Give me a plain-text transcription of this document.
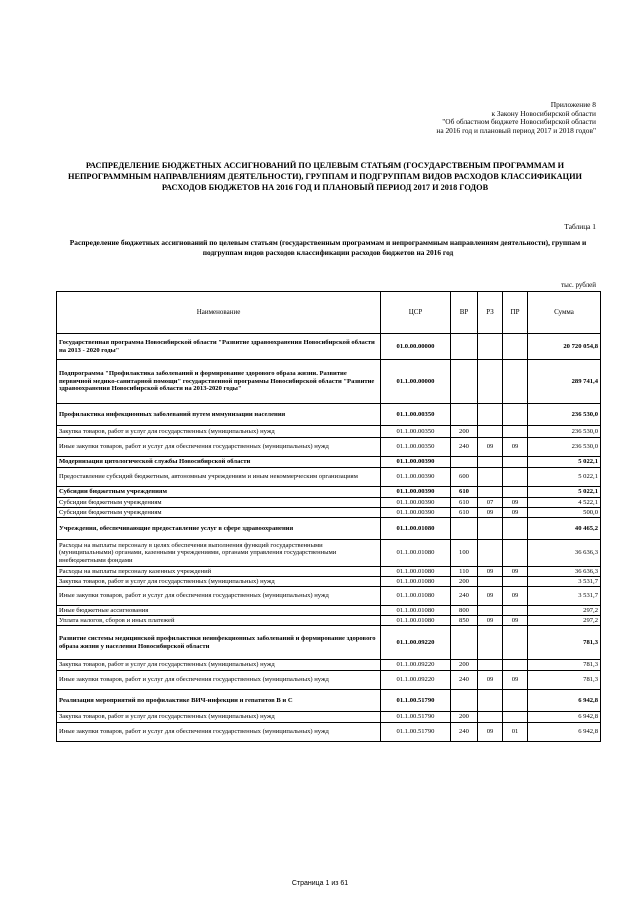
Приложение 8
к Закону Новосибирской области
"Об областном бюджете Новосибирской области
на 2016 год и плановый период 2017 и 2018 годов"
РАСПРЕДЕЛЕНИЕ БЮДЖЕТНЫХ АССИГНОВАНИЙ ПО ЦЕЛЕВЫМ СТАТЬЯМ (ГОСУДАРСТВЕНЫМ ПРОГРАММАМ И НЕПРОГРАММНЫМ НАПРАВЛЕНИЯМ ДЕЯТЕЛЬНОСТИ), ГРУППАМ И ПОДГРУППАМ ВИДОВ РАСХОДОВ КЛАССИФИКАЦИИ РАСХОДОВ БЮДЖЕТОВ НА 2016 ГОД И ПЛАНОВЫЙ ПЕРИОД 2017 И 2018 ГОДОВ
Таблица 1
Распределение бюджетных ассигнований по целевым статьям (государственным программам и непрограммным направлениям деятельности), группам и подгруппам видов расходов классификации расходов бюджетов на 2016 год
тыс. рублей
Наименование	ЦСР	ВР	РЗ	ПР	Сумма
Государственная программа Новосибирской области "Развитие здравоохранения Новосибирской области на 2013 - 2020 годы"	01.0.00.00000				20 720 054,8
Подпрограмма "Профилактика заболеваний и формирование здорового образа жизни. Развитие первичной медико-санитарной помощи" государственной программы Новосибирской области "Развитие здравоохранения Новосибирской области на 2013-2020 годы"	01.1.00.00000				289 741,4
Профилактика инфекционных заболеваний путем иммунизации населения	01.1.00.00350				236 530,0
Закупка товаров, работ и услуг для государственных (муниципальных) нужд	01.1.00.00350	200			236 530,0
Иные закупки товаров, работ и услуг для обеспечения государственных (муниципальных) нужд	01.1.00.00350	240	09	09	236 530,0
Модернизация цитологической службы Новосибирской области	01.1.00.00390				5 022,1
Предоставление субсидий бюджетным, автономным учреждениям и иным некоммерческим организациям	01.1.00.00390	600			5 022,1
Субсидии бюджетным учреждениям	01.1.00.00390	610			5 022,1
Субсидии бюджетным учреждениям	01.1.00.00390	610	07	09	4 522,1
Субсидии бюджетным учреждениям	01.1.00.00390	610	09	09	500,0
Учреждения, обеспечивающие предоставление услуг в сфере здравоохранения	01.1.00.01080				40 465,2
Расходы на выплаты персоналу в целях обеспечения выполнения функций государственными (муниципальными) органами, казенными учреждениями, органами управления государственными внебюджетными фондами	01.1.00.01080	100			36 636,3
Расходы на выплаты персоналу казенных учреждений	01.1.00.01080	110	09	09	36 636,3
Закупка товаров, работ и услуг для государственных (муниципальных) нужд	01.1.00.01080	200			3 531,7
Иные закупки товаров, работ и услуг для обеспечения государственных (муниципальных) нужд	01.1.00.01080	240	09	09	3 531,7
Иные бюджетные ассигнования	01.1.00.01080	800			297,2
Уплата налогов, сборов и иных платежей	01.1.00.01080	850	09	09	297,2
Развитие системы медицинской профилактики неинфекционных заболеваний и формирование здорового образа жизни у населения Новосибирской области	01.1.00.09220				781,3
Закупка товаров, работ и услуг для государственных (муниципальных) нужд	01.1.00.09220	200			781,3
Иные закупки товаров, работ и услуг для обеспечения государственных (муниципальных) нужд	01.1.00.09220	240	09	09	781,3
Реализация мероприятий по профилактике ВИЧ-инфекции и гепатитов B и C	01.1.00.51790				6 942,8
Закупка товаров, работ и услуг для государственных (муниципальных) нужд	01.1.00.51790	200			6 942,8
Иные закупки товаров, работ и услуг для обеспечения государственных (муниципальных) нужд	01.1.00.51790	240	09	01	6 942,8
Страница 1 из 61
